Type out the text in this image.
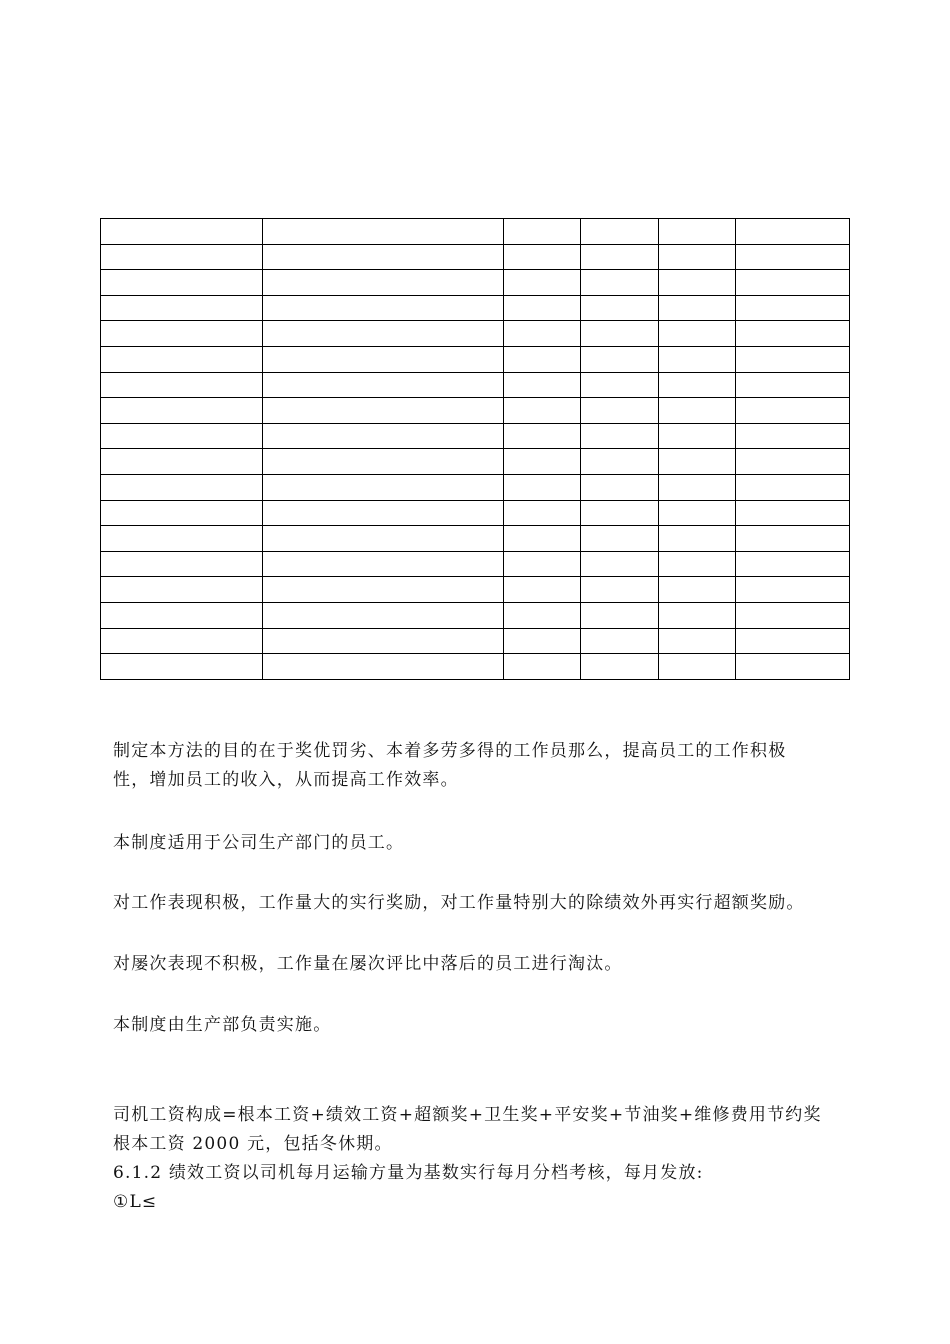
制定本方法的目的在于奖优罚劣、本着多劳多得的工作员那么，提高员工的工作积极

性，增加员工的收入，从而提高工作效率。

本制度适用于公司生产部门的员工。

对工作表现积极，工作量大的实行奖励，对工作量特别大的除绩效外再实行超额奖励。

对屡次表现不积极，工作量在屡次评比中落后的员工进行淘汰。

本制度由生产部负责实施。

司机工资构成=根本工资+绩效工资+超额奖+卫生奖+平安奖+节油奖+维修费用节约奖

根本工资 2000 元，包括冬休期。

6.1.2 绩效工资以司机每月运输方量为基数实行每月分档考核，每月发放:

①L≤
